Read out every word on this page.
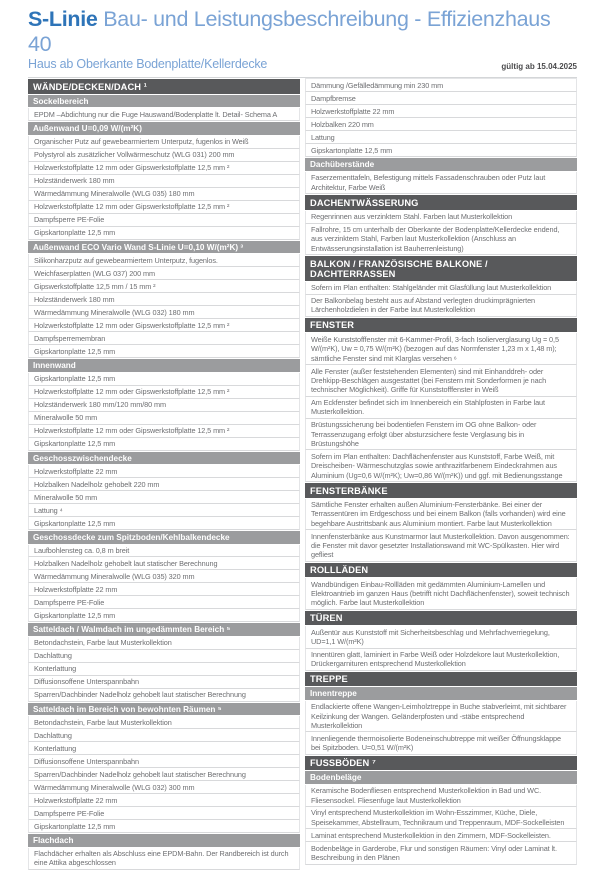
S-Linie Bau- und Leistungsbeschreibung - Effizienzhaus 40
Haus ab Oberkante Bodenplatte/Kellerdecke	gültig ab 15.04.2025
WÄNDE/DECKEN/DACH ¹
Sockelbereich
EPDM –Abdichtung nur die Fuge Hauswand/Bodenplatte lt. Detail- Schema A
Außenwand U=0,09 W/(m²K)
Organischer Putz auf gewebearmiertem Unterputz, fugenlos in Weiß
Polystyrol als zusätzlicher Vollwärmeschutz (WLG 031) 200 mm
Holzwerkstoffplatte 12 mm oder Gipswerkstoffplatte 12,5 mm ²
Holzständerwerk 180 mm
Wärmedämmung Mineralwolle (WLG 035) 180 mm
Holzwerkstoffplatte 12 mm oder Gipswerkstoffplatte 12,5 mm ²
Dampfsperre PE-Folie
Gipskartonplatte 12,5 mm
Außenwand ECO Vario Wand S-Linie U=0,10 W/(m²K) ³
Silikonharzputz auf gewebearmiertem Unterputz, fugenlos.
Weichfaserplatten (WLG 037) 200 mm
Gipswerkstoffplatte 12,5 mm / 15 mm ²
Holzständerwerk 180 mm
Wärmedämmung Mineralwolle (WLG 032) 180 mm
Holzwerkstoffplatte 12 mm oder Gipswerkstoffplatte 12,5 mm ²
Dampfsperremembran
Gipskartonplatte 12,5 mm
Innenwand
Gipskartonplatte 12,5 mm
Holzwerkstoffplatte 12 mm oder Gipswerkstoffplatte 12,5 mm ²
Holzständerwerk 180 mm/120 mm/80 mm
Mineralwolle 50 mm
Holzwerkstoffplatte 12 mm oder Gipswerkstoffplatte 12,5 mm ²
Gipskartonplatte 12,5 mm
Geschosszwischendecke
Holzwerkstoffplatte 22 mm
Holzbalken Nadelholz gehobelt 220 mm
Mineralwolle 50 mm
Lattung ⁴
Gipskartonplatte 12,5 mm
Geschossdecke zum Spitzboden/Kehlbalkendecke
Laufbohlensteg ca. 0,8 m breit
Holzbalken Nadelholz gehobelt laut statischer Berechnung
Wärmedämmung Mineralwolle (WLG 035) 320 mm
Holzwerkstoffplatte 22 mm
Dampfsperre PE-Folie
Gipskartonplatte 12,5 mm
Satteldach / Walmdach im ungedämmten Bereich ⁵
Betondachstein, Farbe laut Musterkollektion
Dachlattung
Konterlattung
Diffusionsoffene Unterspannbahn
Sparren/Dachbinder Nadelholz gehobelt laut statischer Berechnung
Satteldach im Bereich von bewohnten Räumen ⁵
Betondachstein, Farbe laut Musterkollektion
Dachlattung
Konterlattung
Diffusionsoffene Unterspannbahn
Sparren/Dachbinder Nadelholz gehobelt laut statischer Berechnung
Wärmedämmung Mineralwolle (WLG 032) 300 mm
Holzwerkstoffplatte 22 mm
Dampfsperre PE-Folie
Gipskartonplatte 12,5 mm
Flachdach
Flachdächer erhalten als Abschluss eine EPDM-Bahn. Der Randbereich ist durch eine Attika abgeschlossen
Dämmung /Gefälledämmung min 230 mm
Dampfbremse
Holzwerkstoffplatte 22 mm
Holzbalken 220 mm
Lattung
Gipskartonplatte 12,5 mm
Dachüberstände
Faserzementtafeln, Befestigung mittels Fassadenschrauben oder Putz laut Architektur, Farbe Weiß
DACHENTWÄSSERUNG
Regenrinnen aus verzinktem Stahl. Farben laut Musterkollektion
Fallrohre, 15 cm unterhalb der Oberkante der Bodenplatte/Kellerdecke endend, aus verzinktem Stahl, Farben laut Musterkollektion (Anschluss an Entwässerungsinstallation ist Bauherrenleistung)
BALKON / FRANZÖSISCHE BALKONE / DACHTERRASSEN
Sofern im Plan enthalten: Stahlgeländer mit Glasfüllung laut Musterkollektion
Der Balkonbelag besteht aus auf Abstand verlegten druckimprägnierten Lärchenholzdielen in der Farbe laut Musterkollektion
FENSTER
Weiße Kunststofffenster mit 6-Kammer-Profil, 3-fach Isolierverglasung Ug = 0,5 W/(m²K), Uw = 0,75 W/(m²K) (bezogen auf das Normfenster 1,23 m x 1,48 m); sämtliche Fenster sind mit Klarglas versehen ⁶
Alle Fenster (außer feststehenden Elementen) sind mit Einhanddreh- oder Drehkipp-Beschlägen ausgestattet (bei Fenstern mit Sonderformen je nach technischer Möglichkeit). Griffe für Kunststofffenster in Weiß
Am Eckfenster befindet sich im Innenbereich ein Stahlpfosten in Farbe laut Musterkollektion.
Brüstungssicherung bei bodentiefen Fenstern im OG ohne Balkon- oder Terrassenzugang erfolgt über absturzsichere feste Verglasung bis in Brüstungshöhe
Sofern im Plan enthalten: Dachflächenfenster aus Kunststoff, Farbe Weiß, mit Dreischeiben- Wärmeschutzglas sowie anthrazitfarbenem Eindeckrahmen aus Aluminium (Ug=0,6 W/(m²K); Uw=0,86 W/(m²K)) und ggf. mit Bedienungsstange
FENSTERBÄNKE
Sämtliche Fenster erhalten außen Aluminium-Fensterbänke. Bei einer der Terrassentüren im Erdgeschoss und bei einem Balkon (falls vorhanden) wird eine begehbare Austrittsbank aus Aluminium montiert. Farbe laut Musterkollektion
Innenfensterbänke aus Kunstmarmor laut Musterkollektion. Davon ausgenommen: die Fenster mit davor gesetzter Installationswand mit WC-Spülkasten. Hier wird gefliest
ROLLLÄDEN
Wandbündigen Einbau-Rollläden mit gedämmten Aluminium-Lamellen und Elektroantrieb im ganzen Haus (betrifft nicht Dachflächenfenster), soweit technisch möglich. Farbe laut Musterkollektion
TÜREN
Außentür aus Kunststoff mit Sicherheitsbeschlag und Mehrfachverriegelung, UD=1,1 W/(m²K)
Innentüren glatt, laminiert in Farbe Weiß oder Holzdekore laut Musterkollektion, Drückergarnituren entsprechend Musterkollektion
TREPPE
Innentreppe
Endlackierte offene Wangen-Leimholztreppe in Buche stabverleimt, mit sichtbarer Keilzinkung der Wangen. Geländerpfosten und -stäbe entsprechend Musterkollektion
Innenliegende thermoisolierte Bodeneinschubtreppe mit weißer Öffnungsklappe bei Spitzboden. U=0,51 W/(m²K)
FUSSBÖDEN ⁷
Bodenbeläge
Keramische Bodenfliesen entsprechend Musterkollektion in Bad und WC. Fliesensockel. Fliesenfuge laut Musterkollektion
Vinyl entsprechend Musterkollektion im Wohn-Esszimmer, Küche, Diele, Speisekammer, Abstellraum, Technikraum und Treppenraum, MDF-Sockelleisten
Laminat entsprechend Musterkollektion in den Zimmern, MDF-Sockelleisten.
Bodenbeläge in Garderobe, Flur und sonstigen Räumen: Vinyl oder Laminat lt. Beschreibung in den Plänen
